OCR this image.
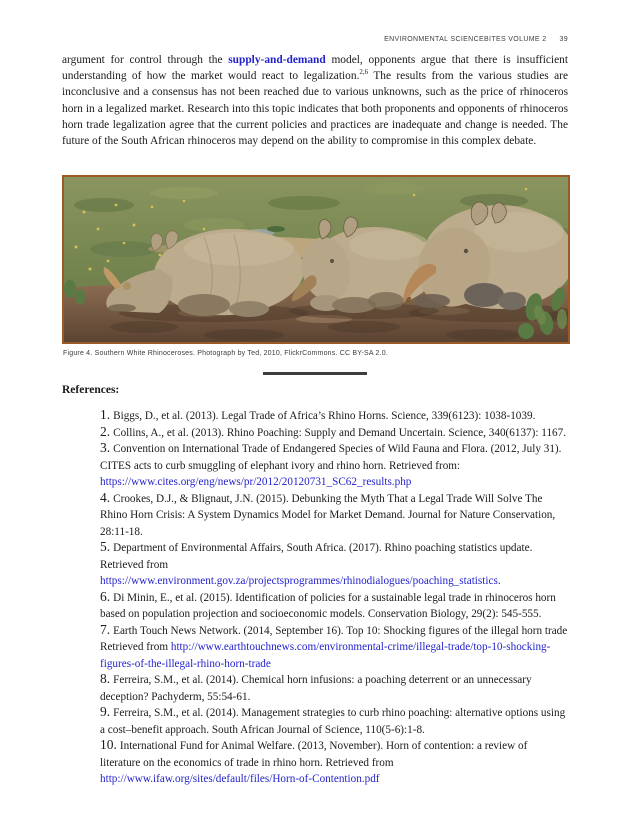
ENVIRONMENTAL SCIENCEBITES VOLUME 2 39

argument for control through the supply-and-demand model, opponents argue that there is insufficient understanding of how the market would react to legalization.$^{2,6}$ The results from the various studies are inconclusive and a consensus has not been reached due to various unknowns, such as the price of rhinoceros horn in a legalized market. Research into this topic indicates that both proponents and opponents of rhinoceros horn trade legalization agree that the current policies and practices are inadequate and change is needed. The future of the South African rhinoceros may depend on the ability to compromise in this complex debate.

Figure 4. Southern White Rhinoceroses. Photograph by Ted, 2010, FlickrCommons. CC BY-SA 2.0.

References:

1. Biggs, D., et al. (2013). Legal Trade of Africa’s Rhino Horns. Science, 339(6123): 1038-1039.

2. Collins, A., et al. (2013). Rhino Poaching: Supply and Demand Uncertain. Science, 340(6137): 1167.

3. Convention on International Trade of Endangered Species of Wild Fauna and Flora. (2012, July 31). CITES acts to curb smuggling of elephant ivory and rhino horn. Retrieved from: https://www.cites.org/eng/news/pr/2012/20120731_SC62_results.php

4. Crookes, D.J., & Blignaut, J.N. (2015). Debunking the Myth That a Legal Trade Will Solve The Rhino Horn Crisis: A System Dynamics Model for Market Demand. Journal for Nature Conservation, 28:11-18.

5. Department of Environmental Affairs, South Africa. (2017). Rhino poaching statistics update. Retrieved from https://www.environment.gov.za/projectsprogrammes/rhinodialogues/poaching_statistics.

6. Di Minin, E., et al. (2015). Identification of policies for a sustainable legal trade in rhinoceros horn based on population projection and socioeconomic models. Conservation Biology, 29(2): 545-555.

7. Earth Touch News Network. (2014, September 16). Top 10: Shocking figures of the illegal horn trade Retrieved from http://www.earthtouchnews.com/environmental-crime/illegal-trade/top-10-shocking-figures-of-the-illegal-rhino-horn-trade

8. Ferreira, S.M., et al. (2014). Chemical horn infusions: a poaching deterrent or an unnecessary deception? Pachyderm, 55:54-61.

9. Ferreira, S.M., et al. (2014). Management strategies to curb rhino poaching: alternative options using a cost–benefit approach. South African Journal of Science, 110(5-6):1-8.

10. International Fund for Animal Welfare. (2013, November). Horn of contention: a review of literature on the economics of trade in rhino horn. Retrieved from http://www.ifaw.org/sites/default/files/Horn-of-Contention.pdf
